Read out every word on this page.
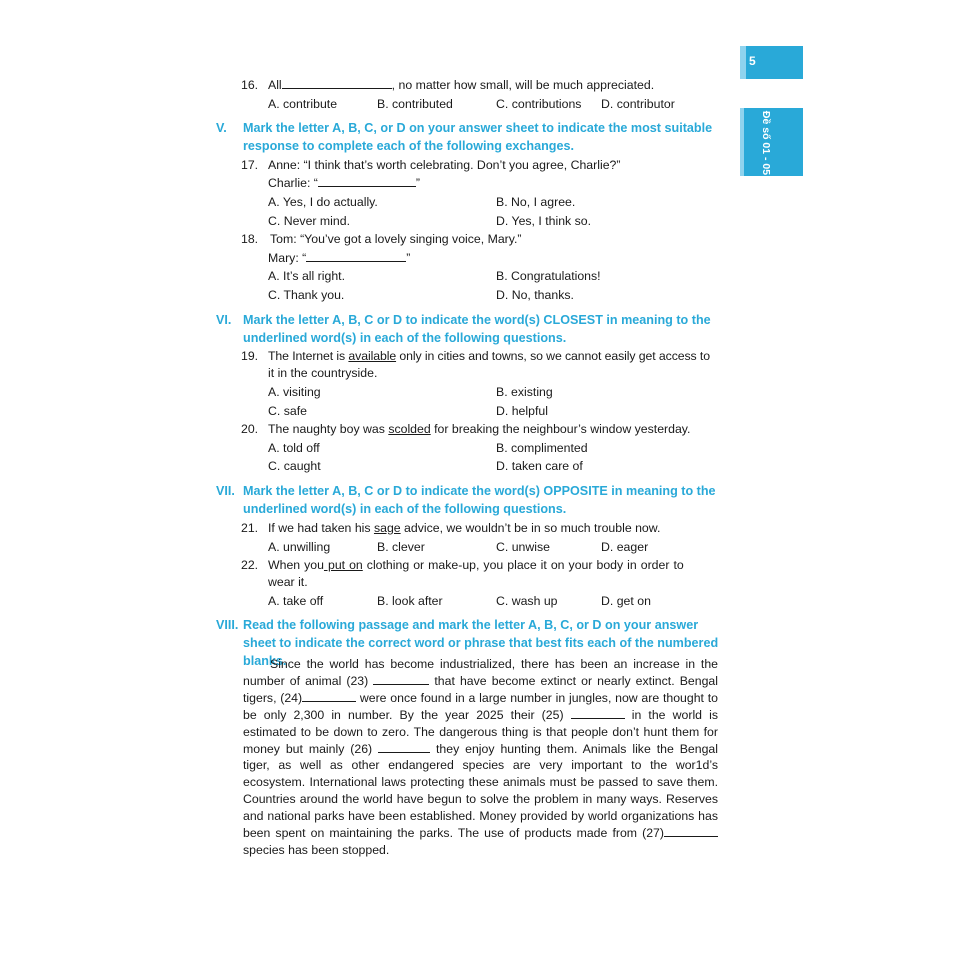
5
Đề số 01 - 05
16. All	, no matter how small, will be much appreciated.
A. contribute	B. contributed	C. contributions D. contributor
V. Mark the letter A, B, C, or D on your answer sheet to indicate the most suitable response to complete each of the following exchanges.
17. Anne: “I think that’s worth celebrating. Don’t you agree, Charlie?”
Charlie: “	”
A. Yes, I do actually.	B. No, I agree.
C. Never mind.	D. Yes, I think so.
18. Tom: “You’ve got a lovely singing voice, Mary.”
Mary: “	”
A. It’s all right.	B. Congratulations!
C. Thank you.	D. No, thanks.
VI. Mark the letter A, B, C or D to indicate the word(s) CLOSEST in meaning to the underlined word(s) in each of the following questions.
19. The Internet is available only in cities and towns, so we cannot easily get access to
it in the countryside.
A. visiting	B. existing
C. safe	D. helpful
20. The naughty boy was scolded for breaking the neighbour’s window yesterday.
A. told off	B. complimented
C. caught	D. taken care of
VII. Mark the letter A, B, C or D to indicate the word(s) OPPOSITE in meaning to the underlined word(s) in each of the following questions.
21. If we had taken his sage advice, we wouldn’t be in so much trouble now.
A. unwilling	B. clever	C. unwise	D. eager
22. When you put on clothing or make-up, you place it on your body in order to
wear it.
A. take off	B. look after	C. wash up	D. get on
VIII. Read the following passage and mark the letter A, B, C, or D on your answer sheet to indicate the correct word or phrase that best fits each of the numbered blanks.
Since the world has become industrialized, there has been an increase in the number of animal (23)	that have become extinct or nearly extinct. Bengal tigers, (24)	were once found in a large number in jungles, now are thought to be only 2,300 in number. By the year 2025 their (25)	in the world is estimated to be down to zero. The dangerous thing is that people don’t hunt them for money but mainly (26)	they enjoy hunting them. Animals like the Bengal tiger, as well as other endangered species are very important to the wor1d’s ecosystem. International laws protecting these animals must be passed to save them. Countries around the world have begun to solve the problem in many ways. Reserves and national parks have been established. Money provided by world organizations has been spent on maintaining the parks. The use of products made from (27) species has been stopped.
